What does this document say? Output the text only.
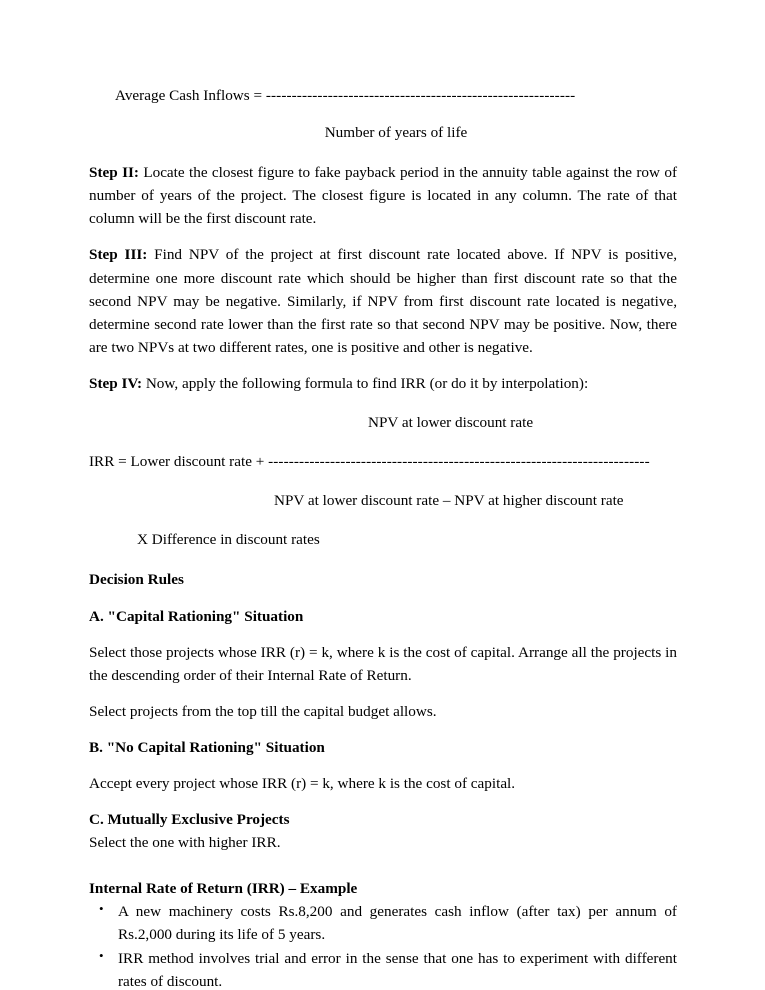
Average Cash Inflows = ------------------------------------------------------------
Number of years of life

Step II: Locate the closest figure to fake payback period in the annuity table against the row of number of years of the project. The closest figure is located in any column. The rate of that column will be the first discount rate.

Step III: Find NPV of the project at first discount rate located above. If NPV is positive, determine one more discount rate which should be higher than first discount rate so that the second NPV may be negative. Similarly, if NPV from first discount rate located is negative, determine second rate lower than the first rate so that second NPV may be positive. Now, there are two NPVs at two different rates, one is positive and other is negative.

Step IV: Now, apply the following formula to find IRR (or do it by interpolation):

NPV at lower discount rate
IRR = Lower discount rate + --------------------------------------------------------------------------
NPV at lower discount rate – NPV at higher discount rate
X Difference in discount rates
Decision Rules
A. "Capital Rationing" Situation

Select those projects whose IRR (r) = k, where k is the cost of capital. Arrange all the projects in the descending order of their Internal Rate of Return.

Select projects from the top till the capital budget allows.

B. "No Capital Rationing" Situation

Accept every project whose IRR (r) = k, where k is the cost of capital.

C. Mutually Exclusive Projects

Select the one with higher IRR.

Internal Rate of Return (IRR) – Example
• A new machinery costs Rs.8,200 and generates cash inflow (after tax) per annum of Rs.2,000 during its life of 5 years.
• IRR method involves trial and error in the sense that one has to experiment with different rates of discount.
